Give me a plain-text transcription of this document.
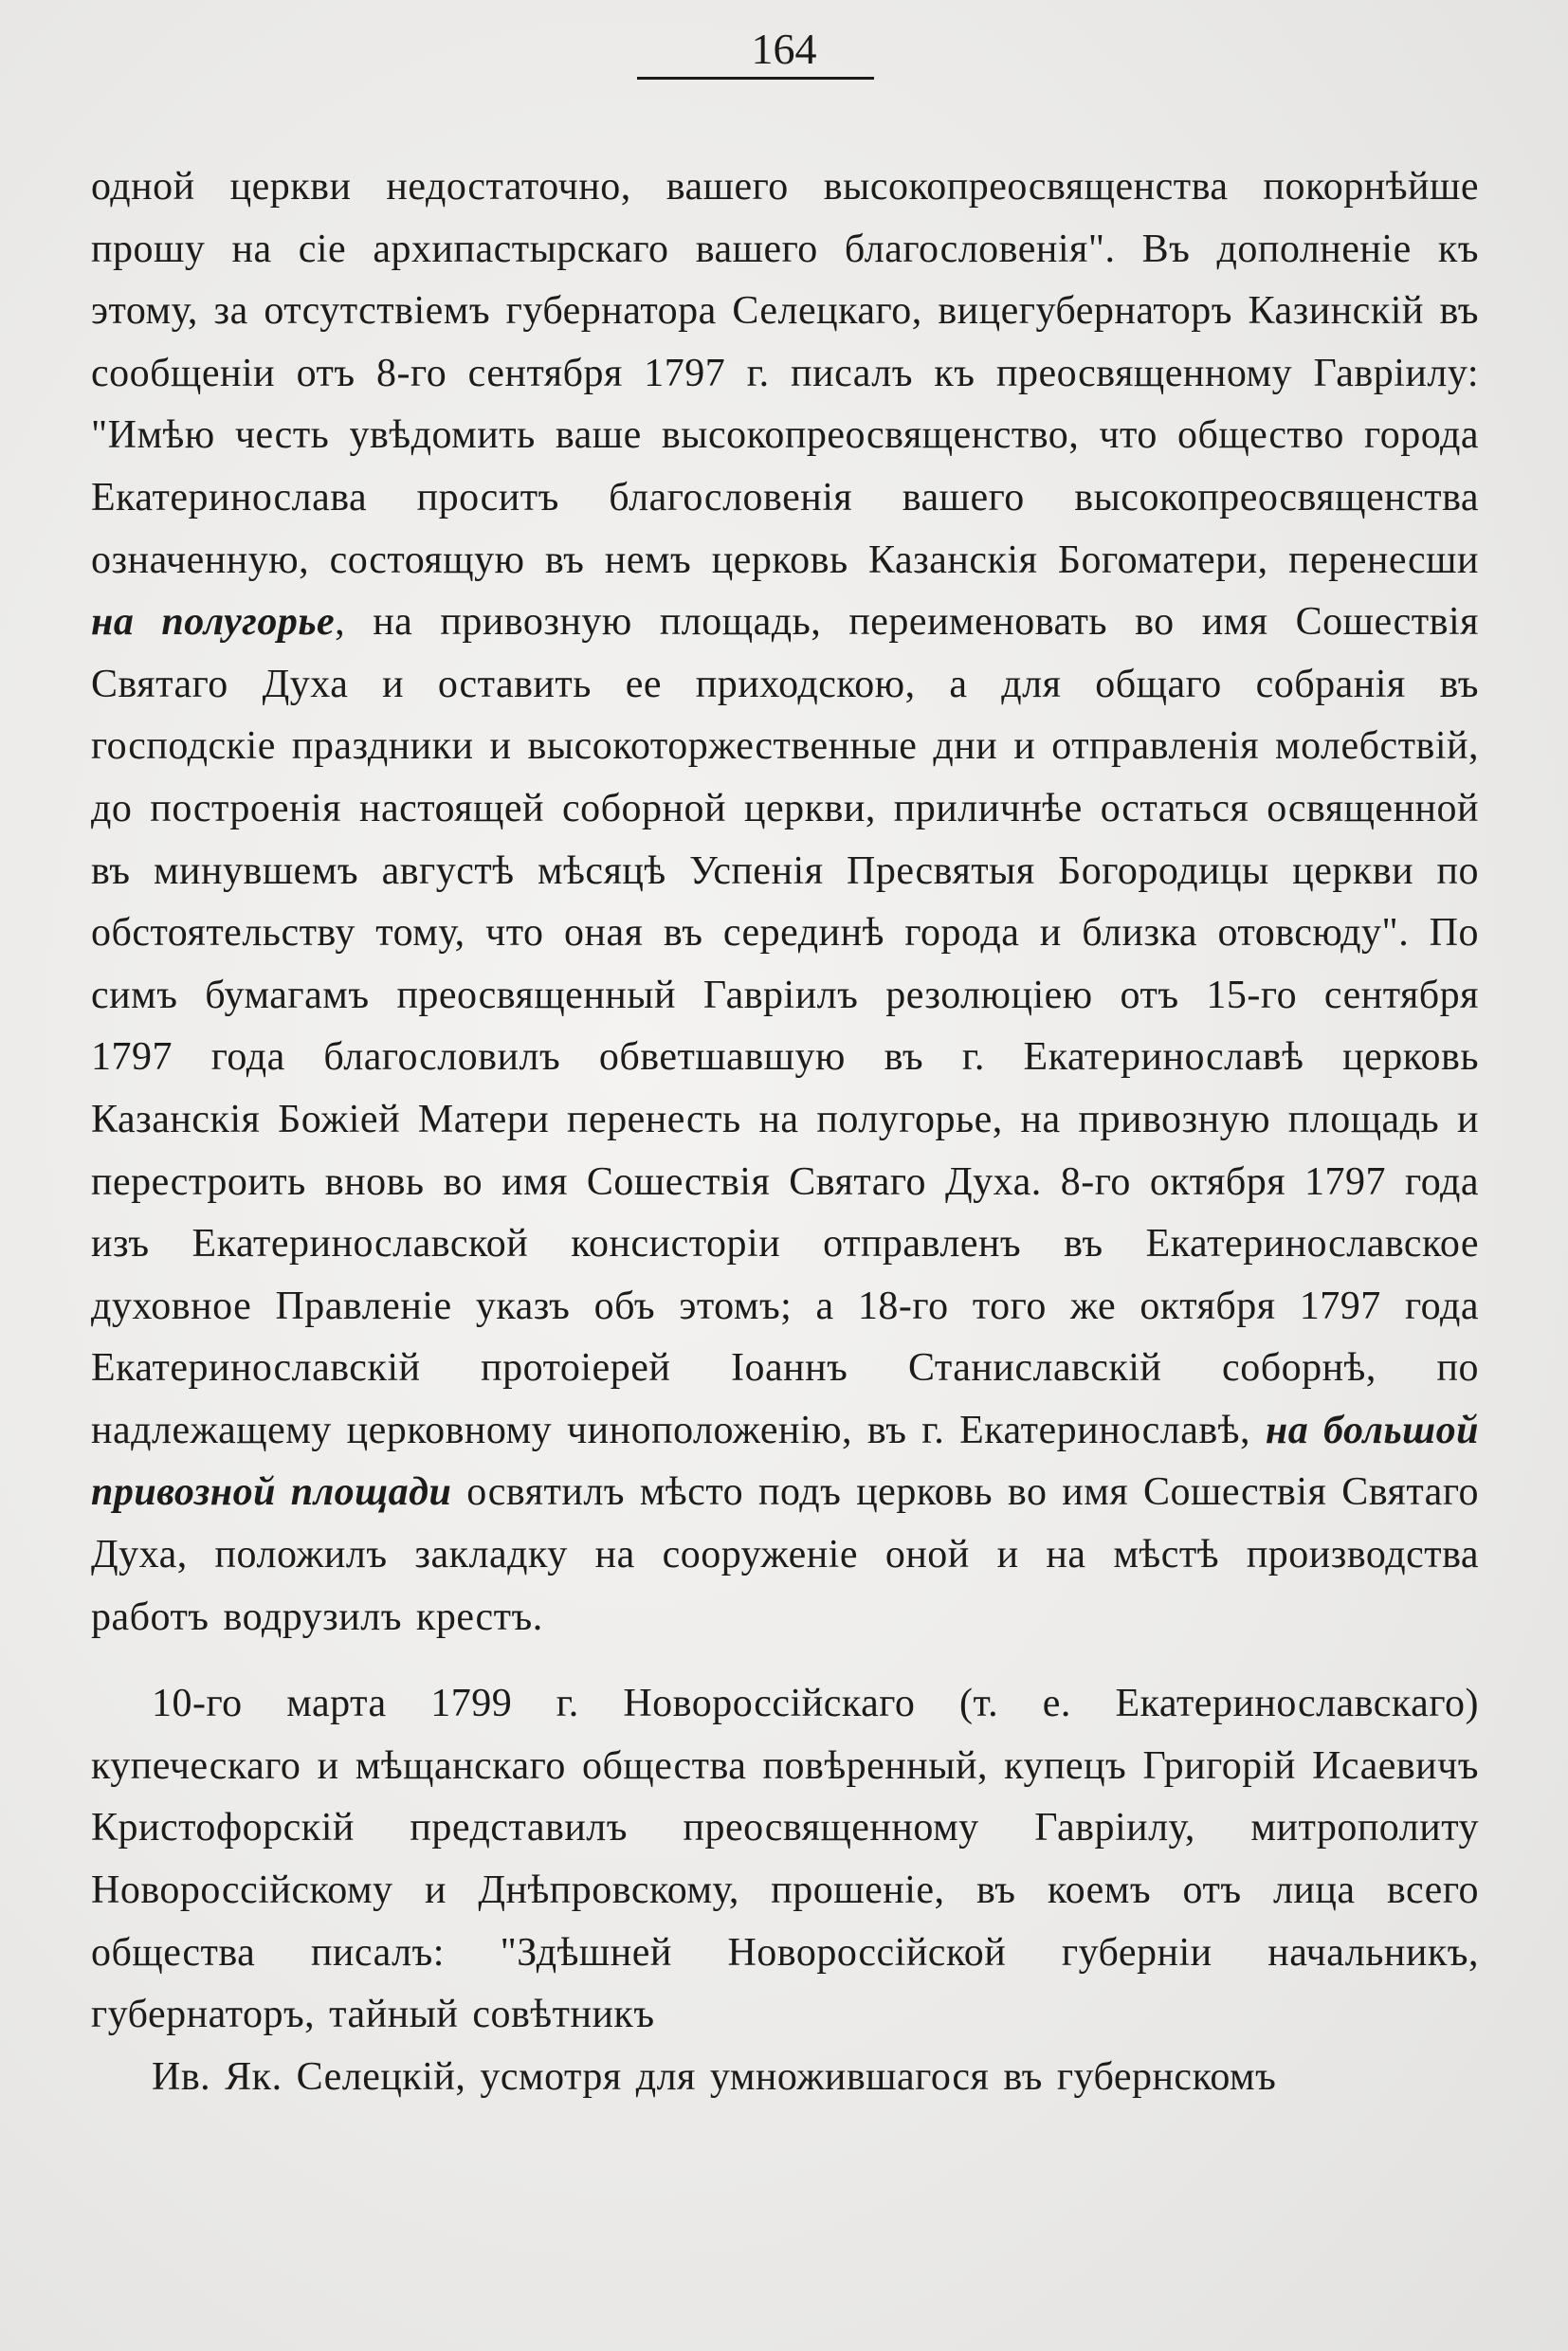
164

одной церкви недостаточно, вашего высокопреосвященства покорнѣйше прошу на сіе архипастырскаго вашего благословенія". Въ дополненіе къ этому, за отсутствіемъ губернатора Селецкаго, вицегубернаторъ Казинскій въ сообщеніи отъ 8-го сентября 1797 г. писалъ къ преосвященному Гавріилу: "Имѣю честь увѣдомить ваше высокопреосвященство, что общество города Екатеринослава проситъ благословенія вашего высокопреосвященства означенную, состоящую въ немъ церковь Казанскія Богоматери, перенесши на полугорье, на привозную площадь, переименовать во имя Сошествія Святаго Духа и оставить ее приходскою, а для общаго собранія въ господскіе праздники и высокоторжественные дни и отправленія молебствій, до построенія настоящей соборной церкви, приличнѣе остаться освященной въ минувшемъ августѣ мѣсяцѣ Успенія Пресвятыя Богородицы церкви по обстоятельству тому, что оная въ серединѣ города и близка отовсюду". По симъ бумагамъ преосвященный Гавріилъ резолюціею отъ 15-го сентября 1797 года благословилъ обветшавшую въ г. Екатеринославѣ церковь Казанскія Божіей Матери перенесть на полугорье, на привозную площадь и перестроить вновь во имя Сошествія Святаго Духа. 8-го октября 1797 года изъ Екатеринославской консисторіи отправленъ въ Екатеринославское духовное Правленіе указъ объ этомъ; а 18-го того же октября 1797 года Екатеринославскій протоіерей Іоаннъ Станиславскій соборнѣ, по надлежащему церковному чиноположенію, въ г. Екатеринославѣ, на большой привозной площади освятилъ мѣсто подъ церковь во имя Сошествія Святаго Духа, положилъ закладку на сооруженіе оной и на мѣстѣ производства работъ водрузилъ крестъ.

10-го марта 1799 г. Новороссійскаго (т. е. Екатеринославскаго) купеческаго и мѣщанскаго общества повѣренный, купецъ Григорій Исаевичъ Кристофорскій представилъ преосвященному Гавріилу, митрополиту Новороссійскому и Днѣпровскому, прошеніе, въ коемъ отъ лица всего общества писалъ: "Здѣшней Новороссійской губерніи начальникъ, губернаторъ, тайный совѣтникъ
Ив. Як. Селецкій, усмотря для умножившагося въ губернскомъ
